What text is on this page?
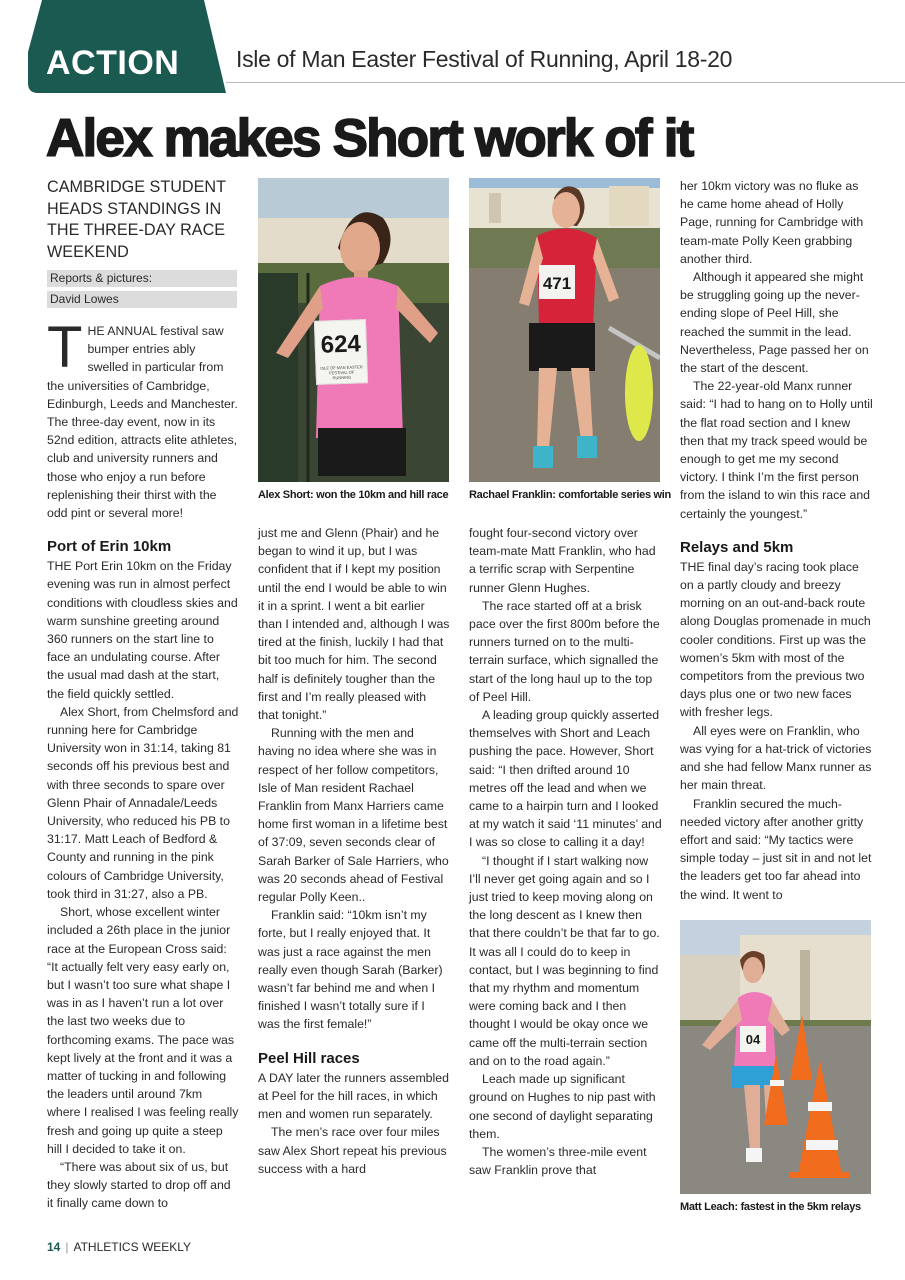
ACTION Isle of Man Easter Festival of Running, April 18-20
Alex makes Short work of it
CAMBRIDGE STUDENT HEADS STANDINGS IN THE THREE-DAY RACE WEEKEND
Reports & pictures:
David Lowes

THE ANNUAL festival saw bumper entries ably swelled in particular from the universities of Cambridge, Edinburgh, Leeds and Manchester. The three-day event, now in its 52nd edition, attracts elite athletes, club and university runners and those who enjoy a run before replenishing their thirst with the odd pint or several more!

Port of Erin 10km

THE Port Erin 10km on the Friday evening was run in almost perfect conditions with cloudless skies and warm sunshine greeting around 360 runners on the start line to face an undulating course. After the usual mad dash at the start, the field quickly settled.

Alex Short, from Chelmsford and running here for Cambridge University won in 31:14, taking 81 seconds off his previous best and with three seconds to spare over Glenn Phair of Annadale/Leeds University, who reduced his PB to 31:17. Matt Leach of Bedford & County and running in the pink colours of Cambridge University, took third in 31:27, also a PB.

Short, whose excellent winter included a 26th place in the junior race at the European Cross said: “It actually felt very easy early on, but I wasn’t too sure what shape I was in as I haven’t run a lot over the last two weeks due to forthcoming exams. The pace was kept lively at the front and it was a matter of tucking in and following the leaders until around 7km where I realised I was feeling really fresh and going up quite a steep hill I decided to take it on.

“There was about six of us, but they slowly started to drop off and it finally came down to

624
ISLE OF MAN EASTER FESTIVAL OF RUNNING
Alex Short: won the 10km and hill race
471
Rachael Franklin: comfortable series win

just me and Glenn (Phair) and he began to wind it up, but I was confident that if I kept my position until the end I would be able to win it in a sprint. I went a bit earlier than I intended and, although I was tired at the finish, luckily I had that bit too much for him. The second half is definitely tougher than the first and I’m really pleased with that tonight.”

Running with the men and having no idea where she was in respect of her follow competitors, Isle of Man resident Rachael Franklin from Manx Harriers came home first woman in a lifetime best of 37:09, seven seconds clear of Sarah Barker of Sale Harriers, who was 20 seconds ahead of Festival regular Polly Keen..

Franklin said: “10km isn’t my forte, but I really enjoyed that. It was just a race against the men really even though Sarah (Barker) wasn’t far behind me and when I finished I wasn’t totally sure if I was the first female!”

Peel Hill races

A DAY later the runners assembled at Peel for the hill races, in which men and women run separately.

The men’s race over four miles saw Alex Short repeat his previous success with a hard

fought four-second victory over team-mate Matt Franklin, who had a terrific scrap with Serpentine runner Glenn Hughes.

The race started off at a brisk pace over the first 800m before the runners turned on to the multi-terrain surface, which signalled the start of the long haul up to the top of Peel Hill.

A leading group quickly asserted themselves with Short and Leach pushing the pace. However, Short said: “I then drifted around 10 metres off the lead and when we came to a hairpin turn and I looked at my watch it said ‘11 minutes’ and I was so close to calling it a day!

“I thought if I start walking now I’ll never get going again and so I just tried to keep moving along on the long descent as I knew then that there couldn’t be that far to go. It was all I could do to keep in contact, but I was beginning to find that my rhythm and momentum were coming back and I then thought I would be okay once we came off the multi-terrain section and on to the road again.”

Leach made up significant ground on Hughes to nip past with one second of daylight separating them.

The women’s three-mile event saw Franklin prove that

her 10km victory was no fluke as he came home ahead of Holly Page, running for Cambridge with team-mate Polly Keen grabbing another third.

Although it appeared she might be struggling going up the never-ending slope of Peel Hill, she reached the summit in the lead. Nevertheless, Page passed her on the start of the descent.

The 22-year-old Manx runner said: “I had to hang on to Holly until the flat road section and I knew then that my track speed would be enough to get me my second victory. I think I’m the first person from the island to win this race and certainly the youngest.”

Relays and 5km

THE final day’s racing took place on a partly cloudy and breezy morning on an out-and-back route along Douglas promenade in much cooler conditions. First up was the women’s 5km with most of the competitors from the previous two days plus one or two new faces with fresher legs.

All eyes were on Franklin, who was vying for a hat-trick of victories and she had fellow Manx runner as her main threat.

Franklin secured the much-needed victory after another gritty effort and said: “My tactics were simple today – just sit in and not let the leaders get too far ahead into the wind. It went to

04
Matt Leach: fastest in the 5km relays
14 | ATHLETICS WEEKLY
